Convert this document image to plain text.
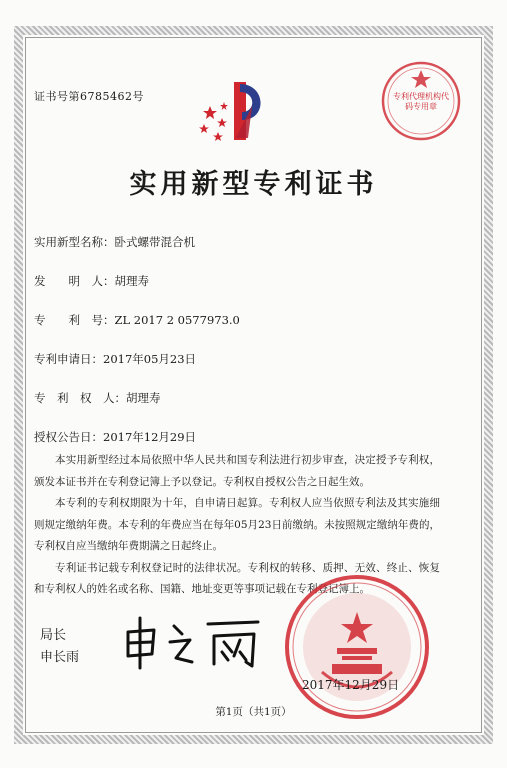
证书号第6785462号	专利代理机构代码专用章
实用新型专利证书
实用新型名称：卧式螺带混合机
发　　明　人：胡理寿
专　　利　号：ZL 2017 2 0577973.0
专利申请日：2017年05月23日
专　利　权　人：胡理寿
授权公告日：2017年12月29日

本实用新型经过本局依照中华人民共和国专利法进行初步审查，决定授予专利权，颁发本证书并在专利登记簿上予以登记。专利权自授权公告之日起生效。

本专利的专利权期限为十年，自申请日起算。专利权人应当依照专利法及其实施细则规定缴纳年费。本专利的年费应当在每年05月23日前缴纳。未按照规定缴纳年费的，专利权自应当缴纳年费期满之日起终止。

专利证书记载专利权登记时的法律状况。专利权的转移、质押、无效、终止、恢复和专利权人的姓名或名称、国籍、地址变更等事项记载在专利登记簿上。

局长
申长雨
2017年12月29日
第1页（共1页）
